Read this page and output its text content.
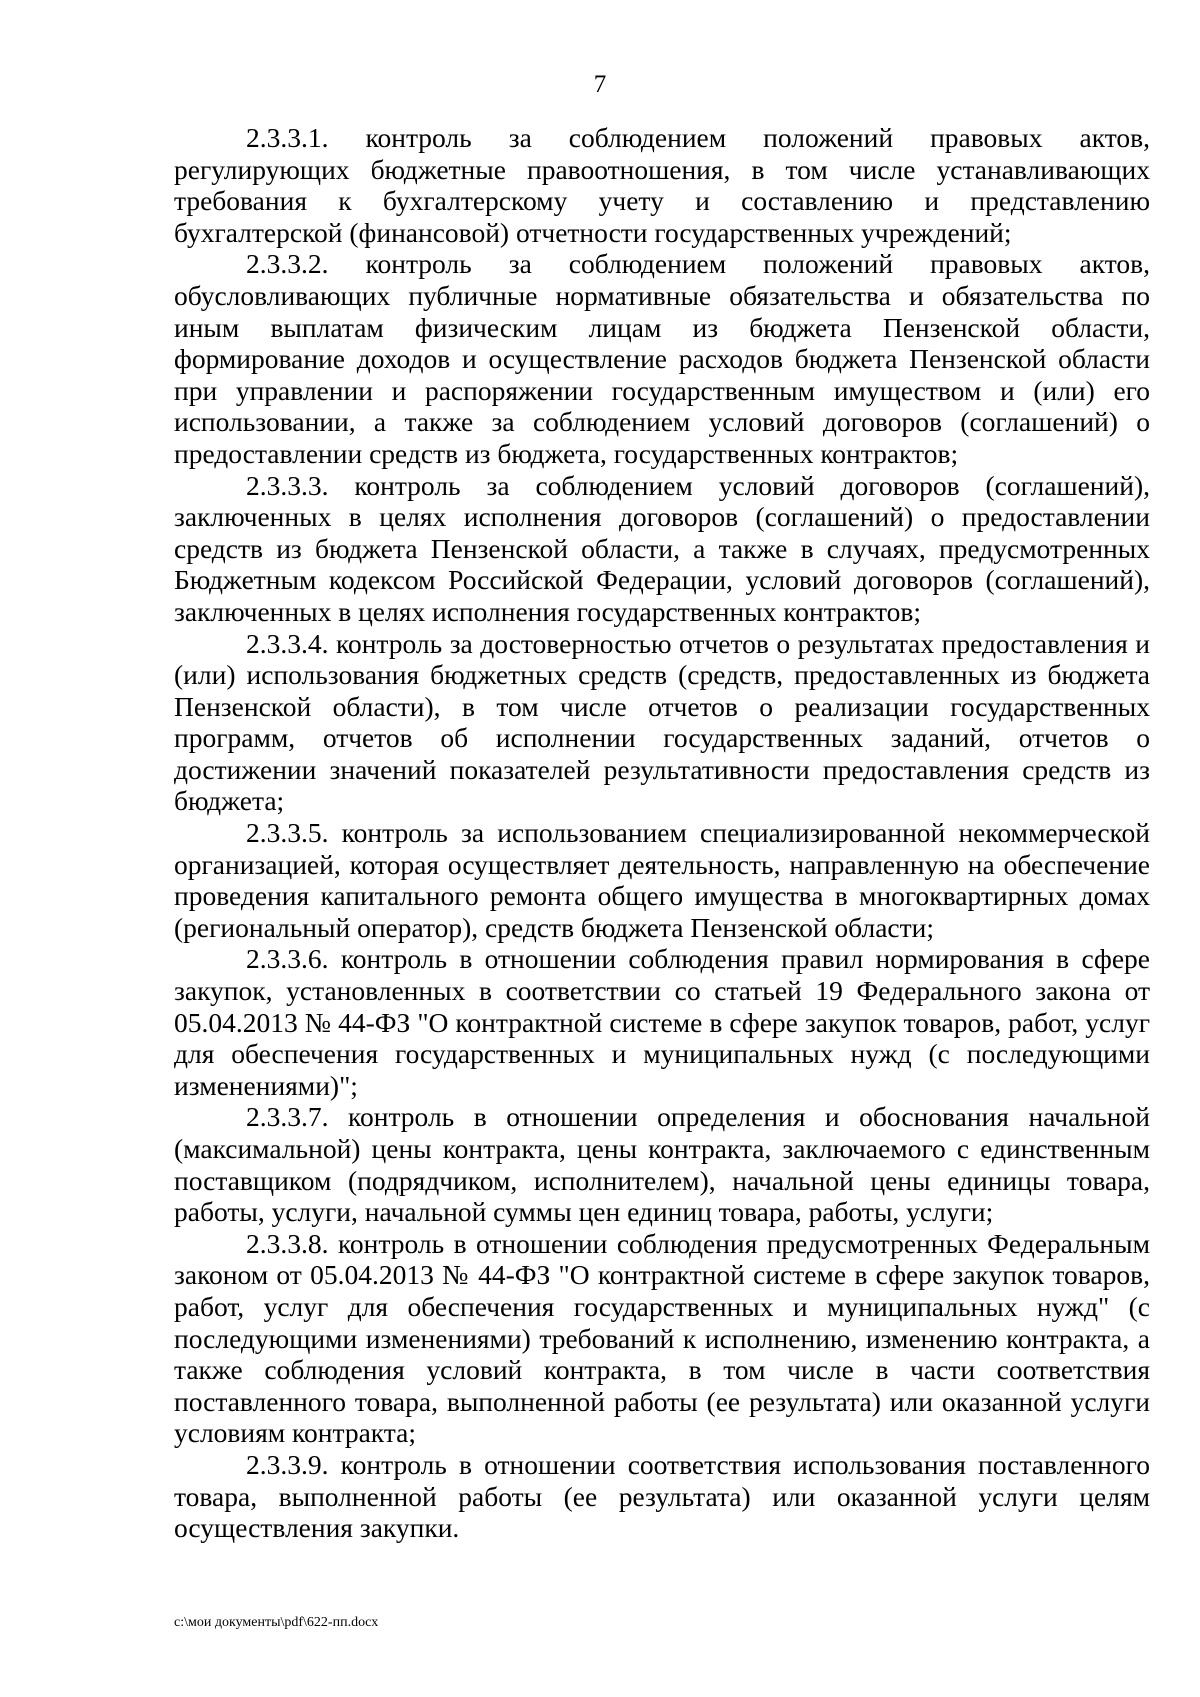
7

2.3.3.1. контроль за соблюдением положений правовых актов, регулирующих бюджетные правоотношения, в том числе устанавливающих требования к бухгалтерскому учету и составлению и представлению бухгалтерской (финансовой) отчетности государственных учреждений;

2.3.3.2. контроль за соблюдением положений правовых актов, обусловливающих публичные нормативные обязательства и обязательства по иным выплатам физическим лицам из бюджета Пензенской области, формирование доходов и осуществление расходов бюджета Пензенской области при управлении и распоряжении государственным имуществом и (или) его использовании, а также за соблюдением условий договоров (соглашений) о предоставлении средств из бюджета, государственных контрактов;

2.3.3.3. контроль за соблюдением условий договоров (соглашений), заключенных в целях исполнения договоров (соглашений) о предоставлении средств из бюджета Пензенской области, а также в случаях, предусмотренных Бюджетным кодексом Российской Федерации, условий договоров (соглашений), заключенных в целях исполнения государственных контрактов;

2.3.3.4. контроль за достоверностью отчетов о результатах предоставления и (или) использования бюджетных средств (средств, предоставленных из бюджета Пензенской области), в том числе отчетов о реализации государственных программ, отчетов об исполнении государственных заданий, отчетов о достижении значений показателей результативности предоставления средств из бюджета;

2.3.3.5. контроль за использованием специализированной некоммерческой организацией, которая осуществляет деятельность, направленную на обеспечение проведения капитального ремонта общего имущества в многоквартирных домах (региональный оператор), средств бюджета Пензенской области;

2.3.3.6. контроль в отношении соблюдения правил нормирования в сфере закупок, установленных в соответствии со статьей 19 Федерального закона от 05.04.2013 № 44-ФЗ "О контрактной системе в сфере закупок товаров, работ, услуг для обеспечения государственных и муниципальных нужд (с последующими изменениями)";

2.3.3.7. контроль в отношении определения и обоснования начальной (максимальной) цены контракта, цены контракта, заключаемого с единственным поставщиком (подрядчиком, исполнителем), начальной цены единицы товара, работы, услуги, начальной суммы цен единиц товара, работы, услуги;

2.3.3.8. контроль в отношении соблюдения предусмотренных Федеральным законом от 05.04.2013 № 44-ФЗ "О контрактной системе в сфере закупок товаров, работ, услуг для обеспечения государственных и муниципальных нужд" (с последующими изменениями) требований к исполнению, изменению контракта, а также соблюдения условий контракта, в том числе в части соответствия поставленного товара, выполненной работы (ее результата) или оказанной услуги условиям контракта;

2.3.3.9. контроль в отношении соответствия использования поставленного товара, выполненной работы (ее результата) или оказанной услуги целям осуществления закупки.

c:\мои документы\pdf\622-пп.docx
